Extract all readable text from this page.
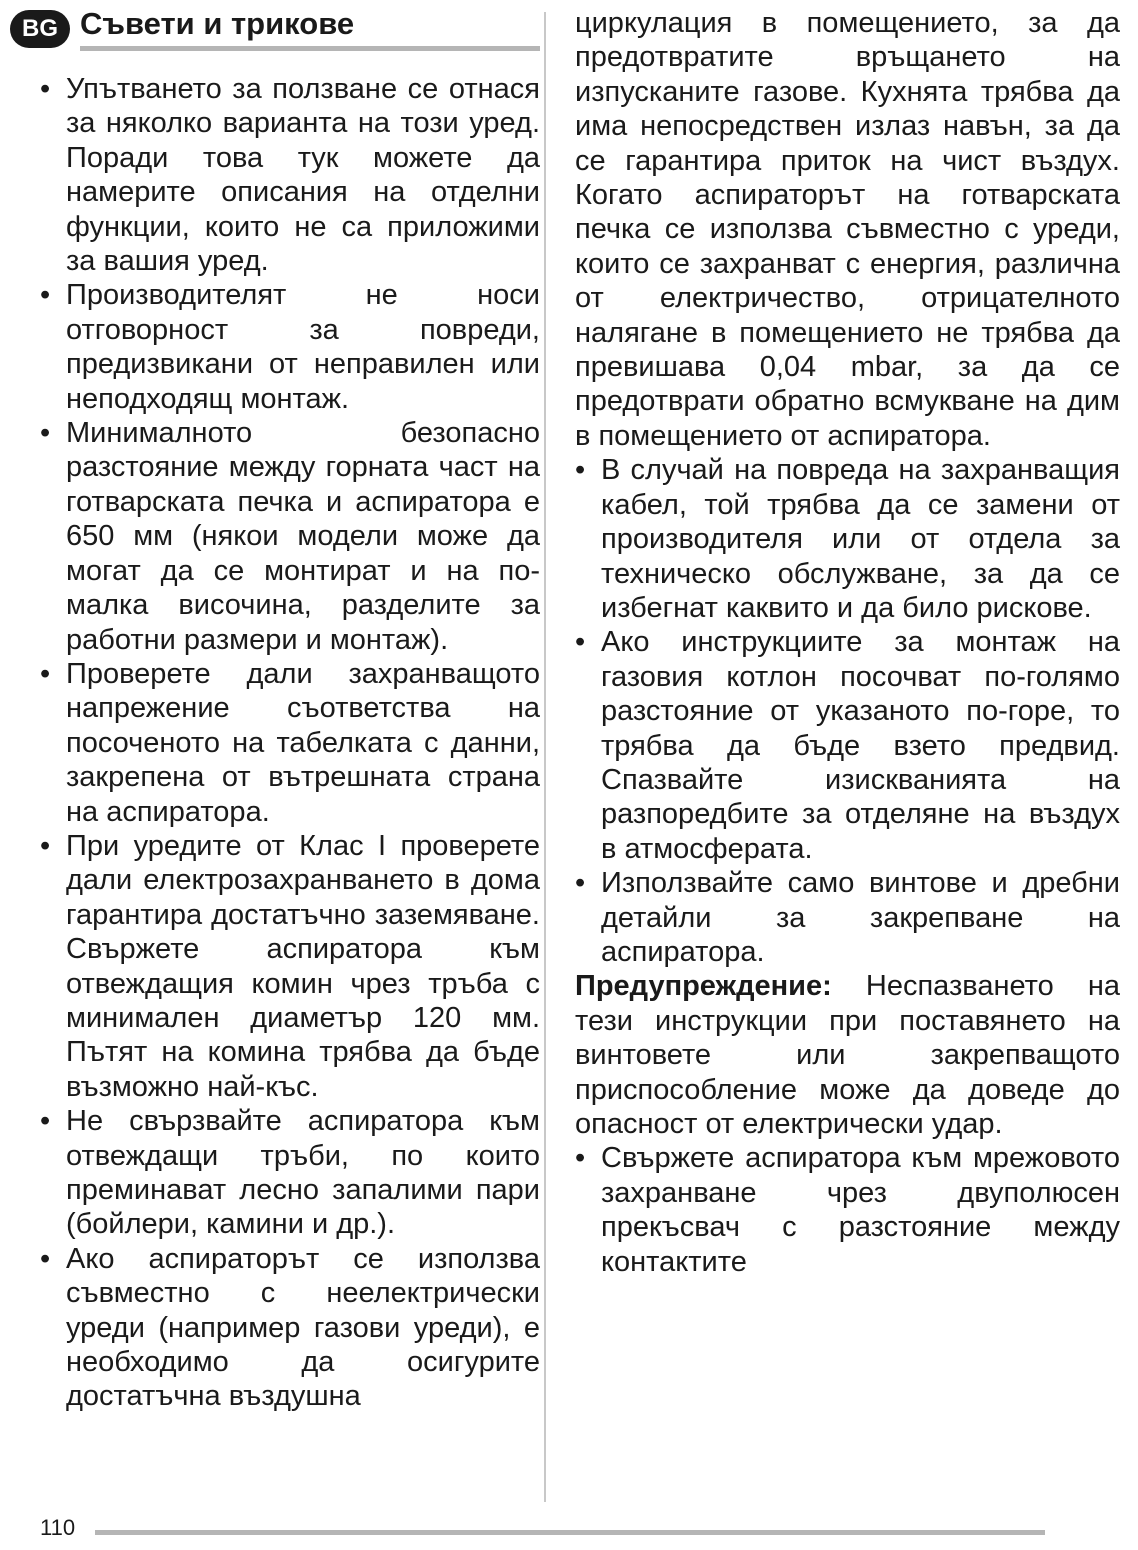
BG Съвети и трикове
• Упътването за ползване се отнася за няколко варианта на този уред. Поради това тук можете да намерите описания на отделни функции, които не са приложими за вашия уред.
• Производителят не носи отговорност за повреди, предизвикани от неправилен или неподходящ монтаж.
• Минималното безопасно разстояние между горната част на готварската печка и аспиратора е 650 мм (някои модели може да могат да се монтират и на по-малка височина, разделите за работни размери и монтаж).
• Проверете дали захранващото напрежение съответства на посоченото на табелката с данни, закрепена от вътрешната страна на аспиратора.
• При уредите от Клас I проверете дали електрозахранването в дома гарантира достатъчно заземяване. Свържете аспиратора към отвеждащия комин чрез тръба с минимален диаметър 120 мм. Пътят на комина трябва да бъде възможно най-къс.
• Не свързвайте аспиратора към отвеждащи тръби, по които преминават лесно запалими пари (бойлери, камини и др.).
• Ако аспираторът се използва съвместно с неелектрически уреди (например газови уреди), е необходимо да осигурите достатъчна въздушна
циркулация в помещението, за да предотвратите връщането на изпусканите газове. Кухнята трябва да има непосредствен излаз навън, за да се гарантира приток на чист въздух. Когато аспираторът на готварската печка се използва съвместно с уреди, които се захранват с енергия, различна от електричество, отрицателното налягане в помещението не трябва да превишава 0,04 mbar, за да се предотврати обратно всмукване на дим в помещението от аспиратора.
• В случай на повреда на захранващия кабел, той трябва да се замени от производителя или от отдела за техническо обслужване, за да се избегнат каквито и да било рискове.
• Ако инструкциите за монтаж на газовия котлон посочват по-голямо разстояние от указаното по-горе, то трябва да бъде взето предвид. Спазвайте изискванията на разпоредбите за отделяне на въздух в атмосферата.
• Използвайте само винтове и дребни детайли за закрепване на аспиратора.
Предупреждение: Неспазването на тези инструкции при поставянето на винтовете или закрепващото приспособление може да доведе до опасност от електрически удар.
• Свържете аспиратора към мрежовото захранване чрез двуполюсен прекъсвач с разстояние между контактите
110
